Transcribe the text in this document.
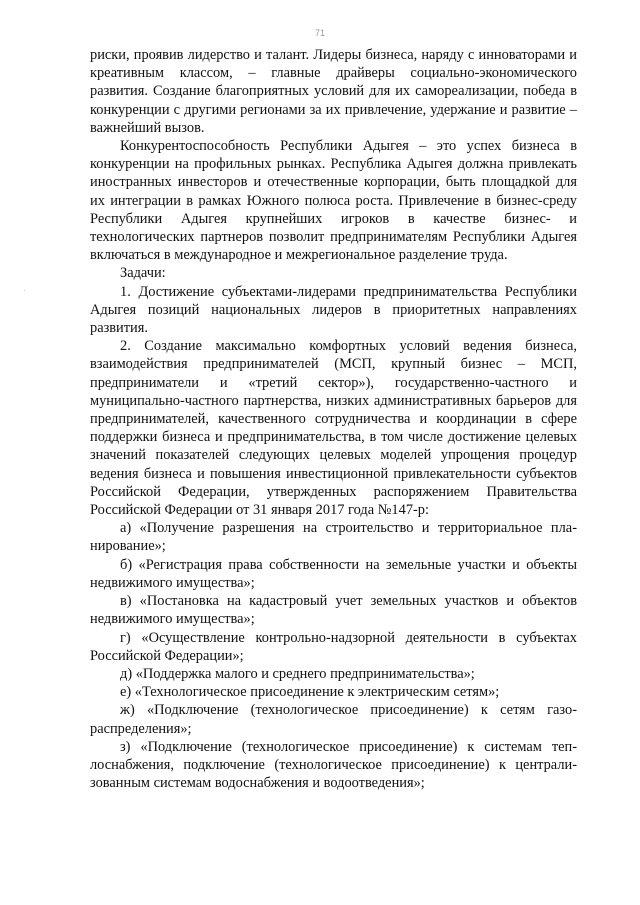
71

риски, проявив лидерство и талант. Лидеры бизнеса, наряду с инноваторами и креативным классом, – главные драйверы социально-экономического развития. Создание благоприятных условий для их самореализации, победа в конкуренции с другими регионами за их привлечение, удержание и развитие – важнейший вызов.

Конкурентоспособность Республики Адыгея – это успех бизнеса в конкуренции на профильных рынках. Республика Адыгея должна привлекать иностранных инвесторов и отечественные корпорации, быть площадкой для их интеграции в рамках Южного полюса роста. Привлечение в бизнес-среду Республики Адыгея крупнейших игроков в качестве бизнес- и технологических партнеров позволит предпринимателям Республики Адыгея включаться в международное и межрегиональное разделение труда.

Задачи:

1. Достижение субъектами-лидерами предпринимательства Республики Адыгея позиций национальных лидеров в приоритетных направлениях развития.

2. Создание максимально комфортных условий ведения бизнеса, взаимодействия предпринимателей (МСП, крупный бизнес – МСП, предприниматели и «третий сектор»), государственно-частного и муниципально-частного партнерства, низких административных барьеров для предпринимателей, качественного сотрудничества и координации в сфере поддержки бизнеса и предпринимательства, в том числе достижение целевых значений показателей следующих целевых моделей упрощения процедур ведения бизнеса и повышения инвестиционной привлекательности субъектов Российской Федерации, утвержденных распоряжением Правительства Российской Федерации от 31 января 2017 года №147-р:

а) «Получение разрешения на строительство и территориальное планирование»;

б) «Регистрация права собственности на земельные участки и объекты недвижимого имущества»;

в) «Постановка на кадастровый учет земельных участков и объектов недвижимого имущества»;

г) «Осуществление контрольно-надзорной деятельности в субъектах Российской Федерации»;

д) «Поддержка малого и среднего предпринимательства»;

е) «Технологическое присоединение к электрическим сетям»;

ж) «Подключение (технологическое присоединение) к сетям газораспределения»;

з) «Подключение (технологическое присоединение) к системам теплоснабжения, подключение (технологическое присоединение) к централизованным системам водоснабжения и водоотведения»;
